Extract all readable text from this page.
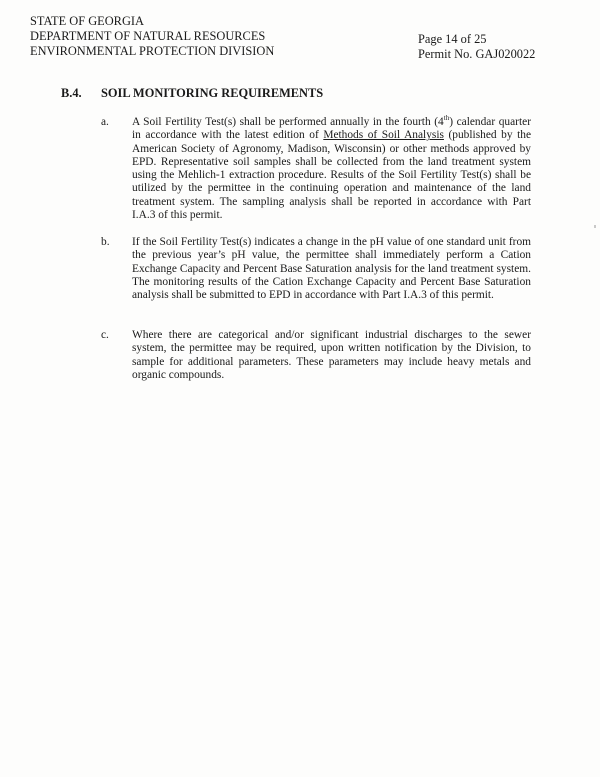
STATE OF GEORGIA
DEPARTMENT OF NATURAL RESOURCES
ENVIRONMENTAL PROTECTION DIVISION
Page 14 of 25
Permit No. GAJ020022
B.4. SOIL MONITORING REQUIREMENTS
a.	A Soil Fertility Test(s) shall be performed annually in the fourth (4th) calendar quarter in accordance with the latest edition of Methods of Soil Analysis (published by the American Society of Agronomy, Madison, Wisconsin) or other methods approved by EPD. Representative soil samples shall be collected from the land treatment system using the Mehlich-1 extraction procedure. Results of the Soil Fertility Test(s) shall be utilized by the permittee in the continuing operation and maintenance of the land treatment system. The sampling analysis shall be reported in accordance with Part I.A.3 of this permit.
b.	If the Soil Fertility Test(s) indicates a change in the pH value of one standard unit from the previous year’s pH value, the permittee shall immediately perform a Cation Exchange Capacity and Percent Base Saturation analysis for the land treatment system. The monitoring results of the Cation Exchange Capacity and Percent Base Saturation analysis shall be submitted to EPD in accordance with Part I.A.3 of this permit.
c.	Where there are categorical and/or significant industrial discharges to the sewer system, the permittee may be required, upon written notification by the Division, to sample for additional parameters. These parameters may include heavy metals and organic compounds.
